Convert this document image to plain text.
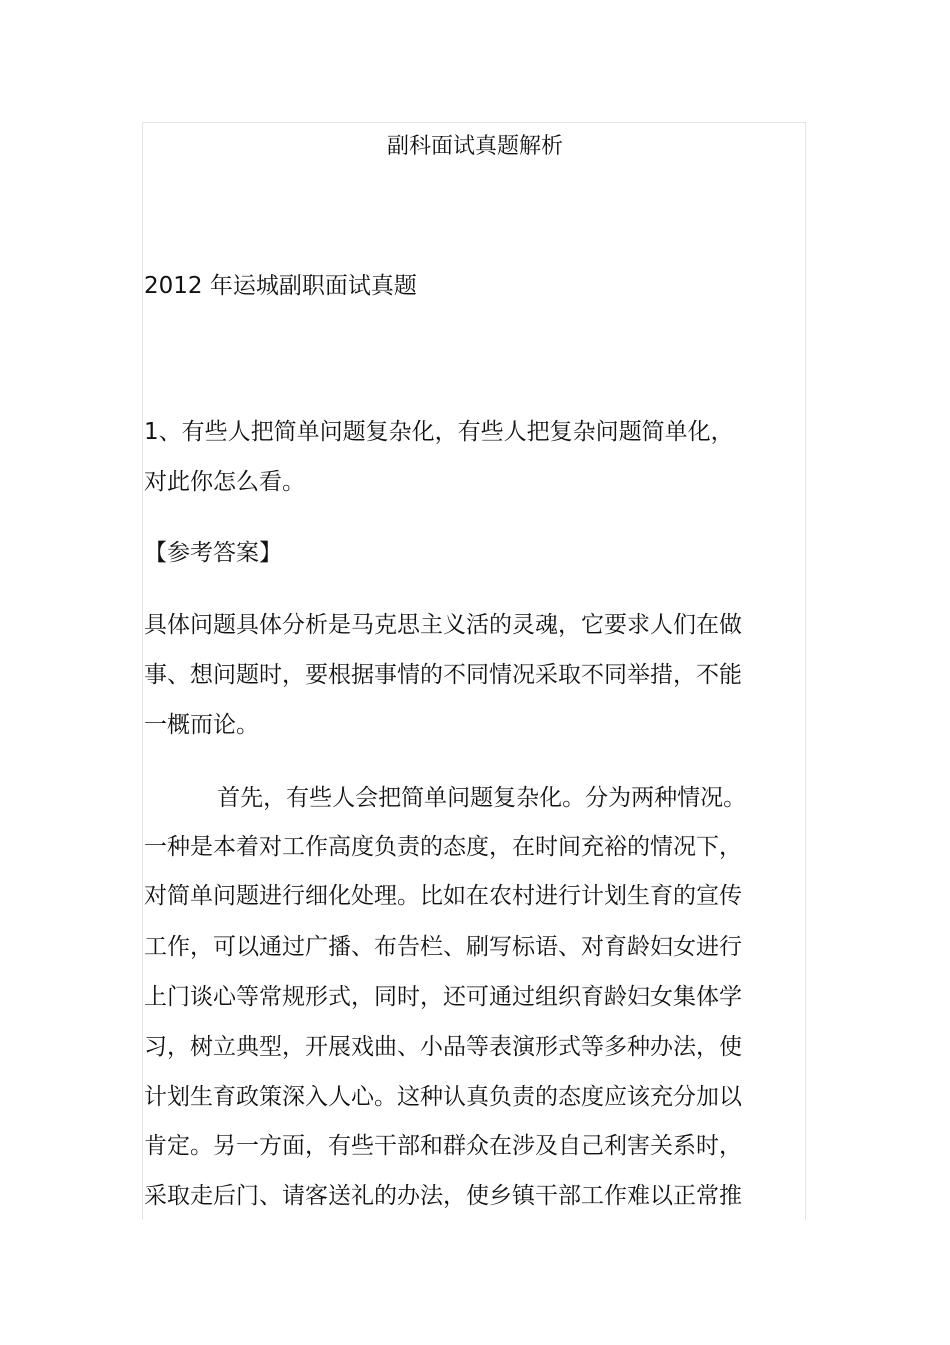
副科面试真题解析
2012 年运城副职面试真题
1、有些人把简单问题复杂化，有些人把复杂问题简单化，
对此你怎么看。
【参考答案】
具体问题具体分析是马克思主义活的灵魂，它要求人们在做
事、想问题时，要根据事情的不同情况采取不同举措，不能
一概而论。
首先，有些人会把简单问题复杂化。分为两种情况。
一种是本着对工作高度负责的态度，在时间充裕的情况下，
对简单问题进行细化处理。比如在农村进行计划生育的宣传
工作，可以通过广播、布告栏、刷写标语、对育龄妇女进行
上门谈心等常规形式，同时，还可通过组织育龄妇女集体学
习，树立典型，开展戏曲、小品等表演形式等多种办法，使
计划生育政策深入人心。这种认真负责的态度应该充分加以
肯定。另一方面，有些干部和群众在涉及自己利害关系时，
采取走后门、请客送礼的办法，使乡镇干部工作难以正常推
